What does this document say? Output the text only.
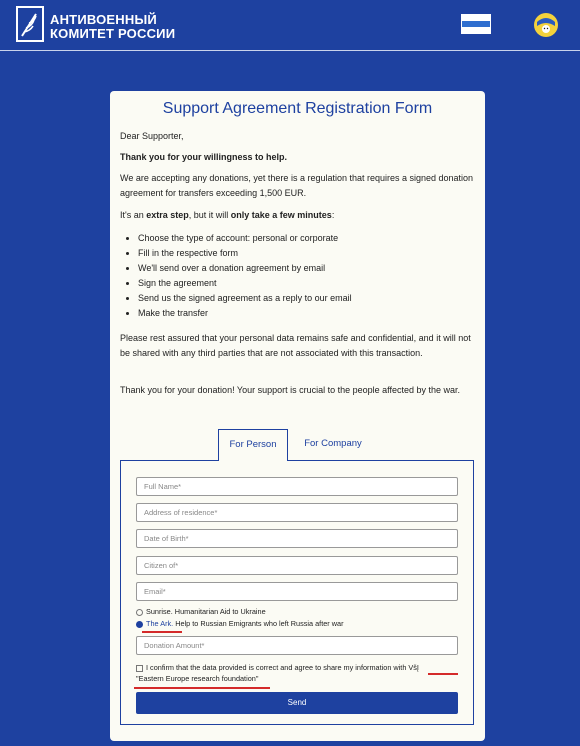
АНТИВОЕННЫЙ
КОМИТЕТ РОССИИ
Support Agreement Registration Form
Dear Supporter,
Thank you for your willingness to help.
We are accepting any donations, yet there is a regulation that requires a signed donation agreement for transfers exceeding 1,500 EUR.
It's an extra step, but it will only take a few minutes:
• Choose the type of account: personal or corporate
• Fill in the respective form
• We'll send over a donation agreement by email
• Sign the agreement
• Send us the signed agreement as a reply to our email
• Make the transfer
Please rest assured that your personal data remains safe and confidential, and it will not be shared with any third parties that are not associated with this transaction.
Thank you for your donation! Your support is crucial to the people affected by the war.
For Person	For Company
Full Name*
Address of residence*
Date of Birth*
Citizen of*
Email*
Sunrise. Humanitarian Aid to Ukraine
The Ark. Help to Russian Emigrants who left Russia after war
Donation Amount*
I confirm that the data provided is correct and agree to share my information with VšĮ
"Eastern Europe research foundation"
Send
